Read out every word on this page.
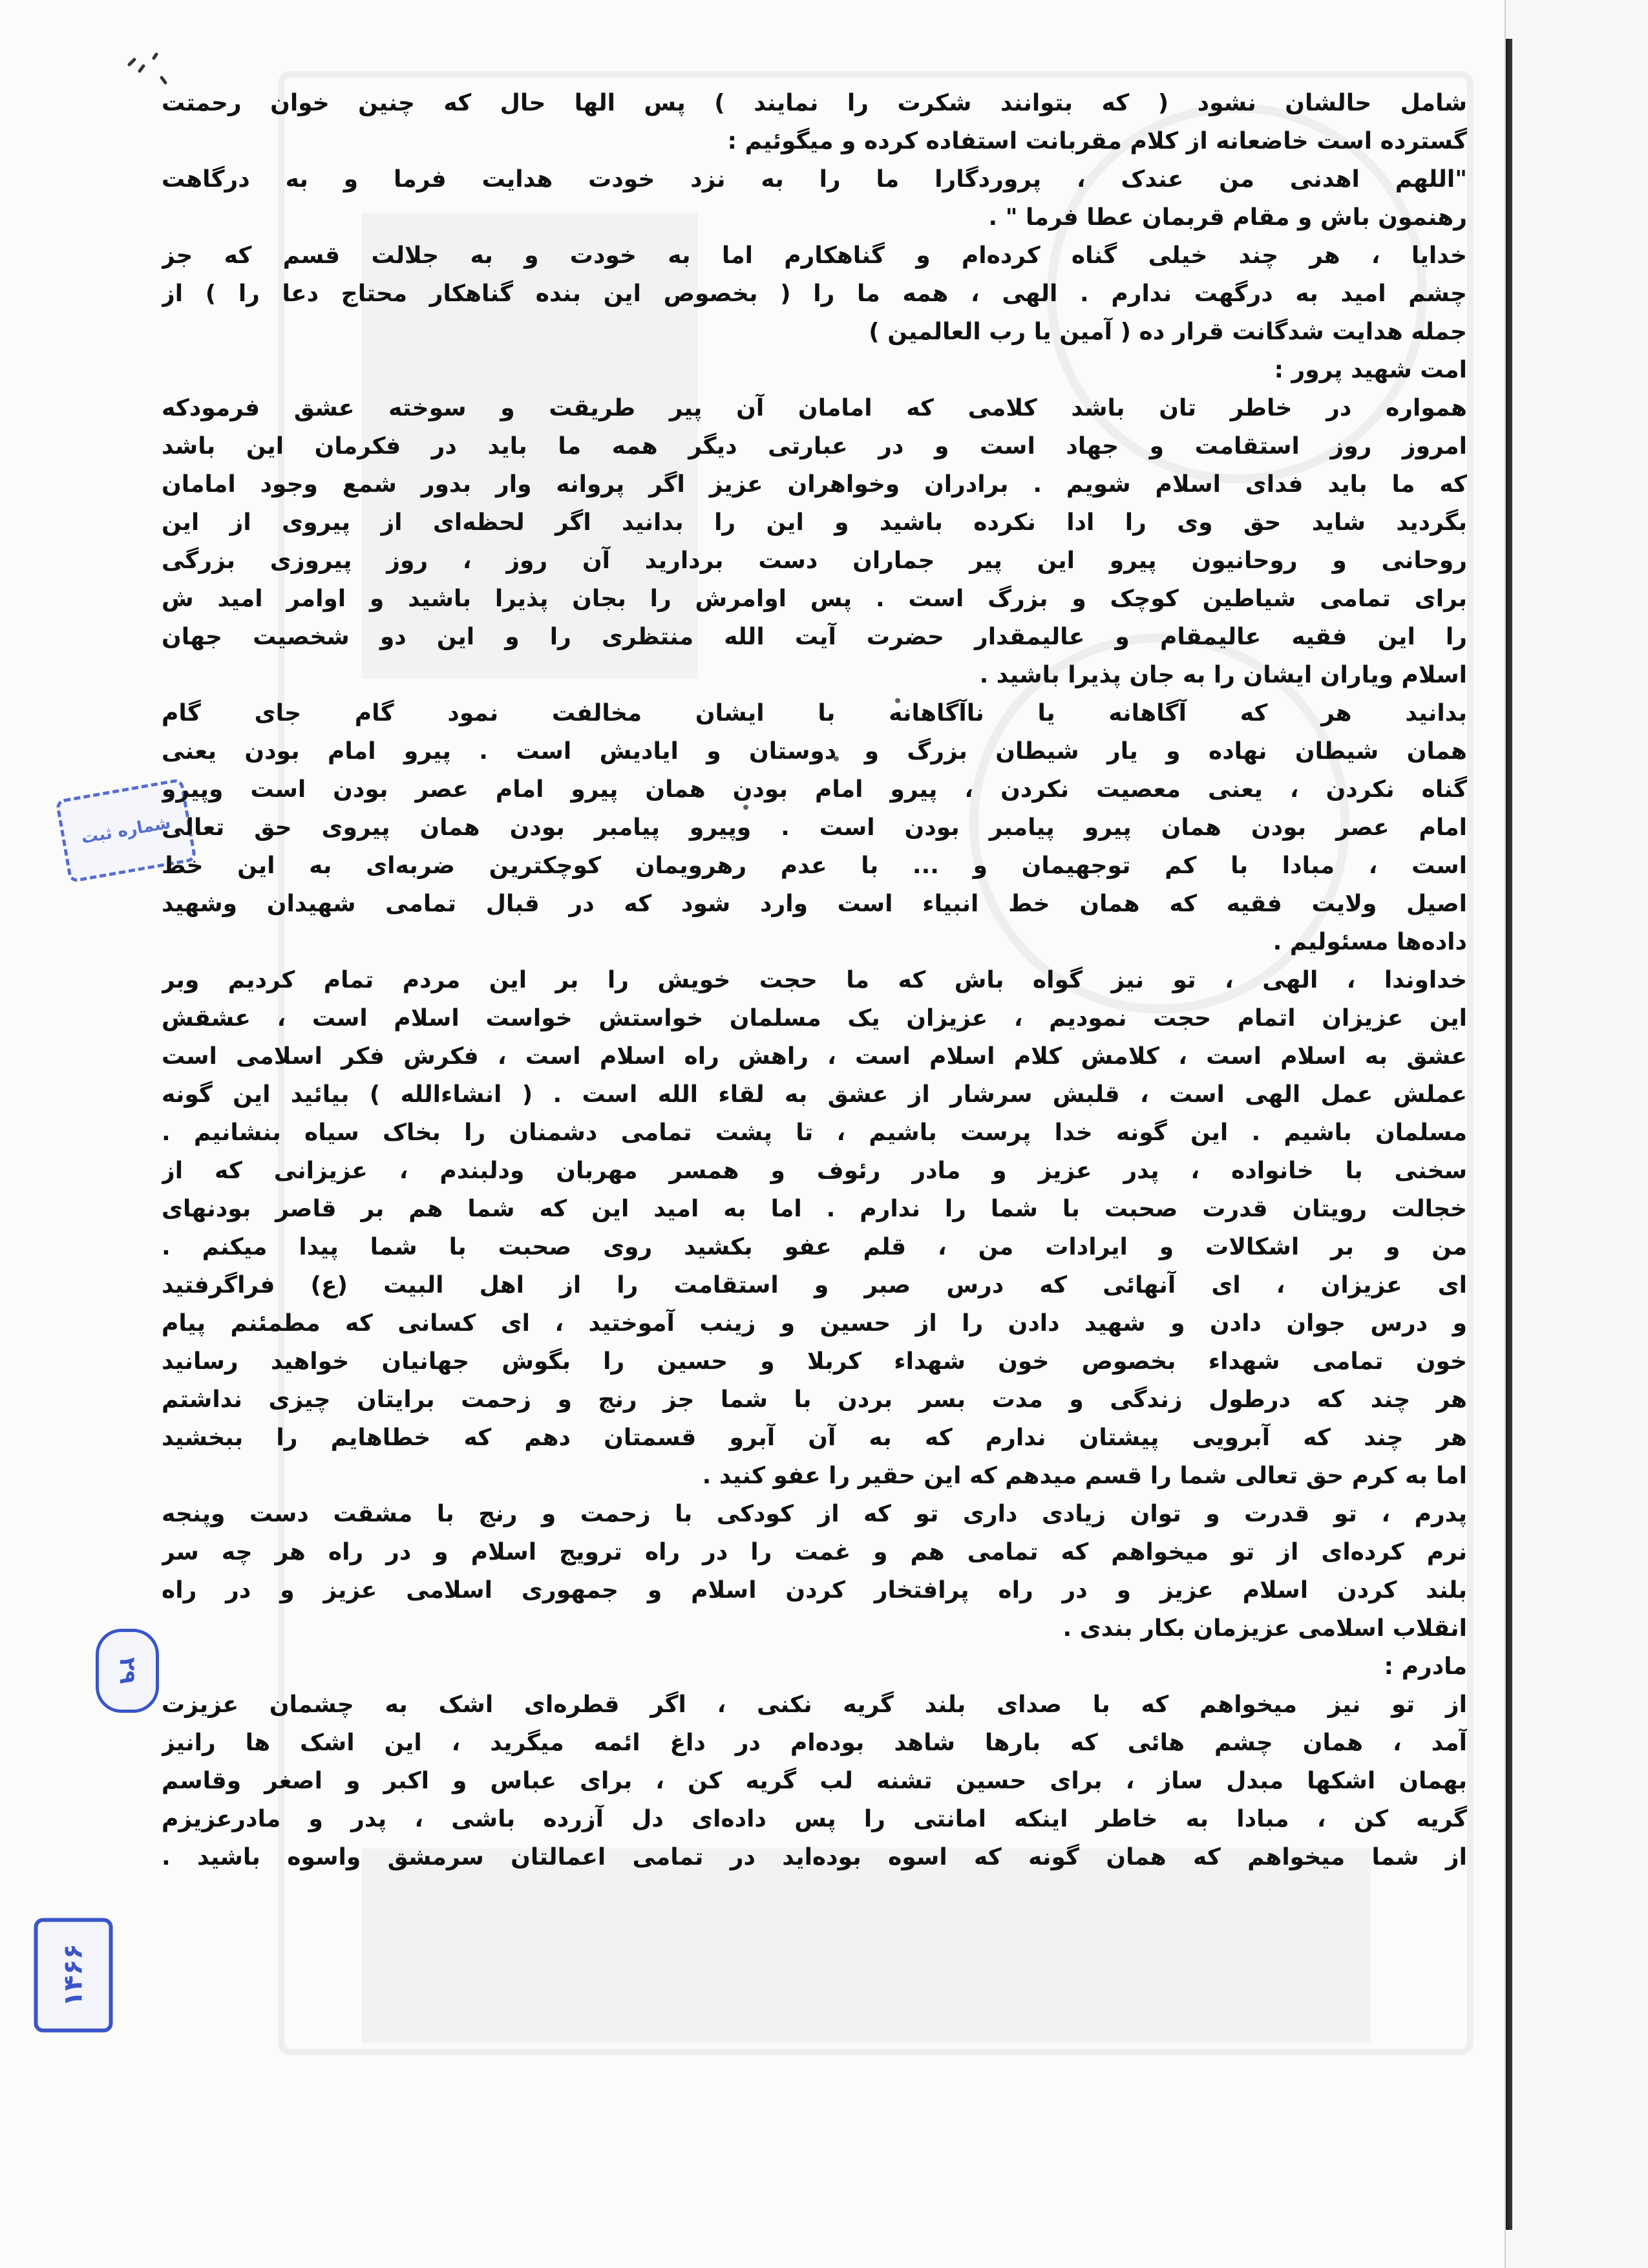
شماره ثبت
۲۹
۱۴۶۶
شامل حالشان نشود ( که بتوانند شکرت را نمایند ) پس الها حال که چنین خوان رحمتت
گسترده است خاضعانه از کلام مقربانت استفاده کرده و میگوئیم :
"اللهم اهدنی من عندک ، پروردگارا ما را به نزد خودت هدایت فرما و به درگاهت
رهنمون باش و مقام قربمان عطا فرما " .
خدایا ، هر چند خیلی گناه کرده‌ام و گناهکارم اما به خودت و به جلالت قسم که جز
چشم امید به درگهت ندارم . الهی ، همه ما را ( بخصوص این بنده گناهکار محتاج دعا را ) از
جمله هدایت شدگانت قرار ده ( آمین یا رب العالمین )
امت شهید پرور :
همواره در خاطر تان باشد کلامی که امامان آن پیر طریقت و سوخته عشق فرمودکه
امروز روز استقامت و جهاد است و در عبارتی دیگر همه ما باید در فکرمان این باشد
که ما باید فدای اسلام شویم . برادران وخواهران عزیز اگر پروانه وار بدور شمع وجود امامان
بگردید شاید حق وی را ادا نکرده باشید و این را بدانید اگر لحظه‌ای از پیروی از این
روحانی و روحانیون پیرو این پیر جماران دست بردارید آن روز ، روز پیروزی بزرگی
برای تمامی شیاطین کوچک و بزرگ است . پس اوامرش را بجان پذیرا باشید و اوامر امید ش
را این فقیه عالیمقام و عالیمقدار حضرت آیت الله منتظری را و این دو شخصیت جهان
اسلام ویاران ایشان را به جان پذیرا باشید .
بدانید هر که آگاهانه یا ناآگاهانه با ایشان مخالفت نمود گام جای گام
همان شیطان نهاده و یار شیطان بزرگ و دوستان و ایادیش است . پیرو امام بودن یعنی
گناه نکردن ، یعنی معصیت نکردن ، پیرو امام بودن همان پیرو امام عصر بودن است وپیرو
امام عصر بودن همان پیرو پیامبر بودن است . وپیرو پیامبر بودن همان پیروی حق تعالی
است ، مبادا با کم توجهیمان و ... با عدم رهرویمان کوچکترین ضربه‌ای به این خط
اصیل ولایت فقیه که همان خط انبیاء است وارد شود که در قبال تمامی شهیدان وشهید
داده‌ها مسئولیم .
خداوندا ، الهی ، تو نیز گواه باش که ما حجت خویش را بر این مردم تمام کردیم وبر
این عزیزان اتمام حجت نمودیم ، عزیزان یک مسلمان خواستش خواست اسلام است ، عشقش
عشق به اسلام است ، کلامش کلام اسلام است ، راهش راه اسلام است ، فکرش فکر اسلامی است
عملش عمل الهی است ، قلبش سرشار از عشق به لقاء الله است . ( انشاءالله ) بیائید این گونه
مسلمان باشیم . این گونه خدا پرست باشیم ، تا پشت تمامی دشمنان را بخاک سیاه بنشانیم .
سخنی با خانواده ، پدر عزیز و مادر رئوف و همسر مهربان ودلبندم ، عزیزانی که از
خجالت رویتان قدرت صحبت با شما را ندارم . اما به امید این که شما هم بر قاصر بودنهای
من و بر اشکالات و ایرادات من ، قلم عفو بکشید روی صحبت با شما پیدا میکنم .
ای عزیزان ، ای آنهائی که درس صبر و استقامت را از اهل البیت (ع) فراگرفتید
و درس جوان دادن و شهید دادن را از حسین و زینب آموختید ، ای کسانی که مطمئنم پیام
خون تمامی شهداء بخصوص خون شهداء کربلا و حسین را بگوش جهانیان خواهید رسانید
هر چند که درطول زندگی و مدت بسر بردن با شما جز رنج و زحمت برایتان چیزی نداشتم
هر چند که آبرویی پیشتان ندارم که به آن آبرو قسمتان دهم که خطاهایم را ببخشید
اما به کرم حق تعالی شما را قسم میدهم که این حقیر را عفو کنید .
پدرم ، تو قدرت و توان زیادی داری تو که از کودکی با زحمت و رنج با مشقت دست وپنجه
نرم کرده‌ای از تو میخواهم که تمامی هم و غمت را در راه ترویج اسلام و در راه هر چه سر
بلند کردن اسلام عزیز و در راه پرافتخار کردن اسلام و جمهوری اسلامی عزیز و در راه
انقلاب اسلامی عزیزمان بکار بندی .
مادرم :
از تو نیز میخواهم که با صدای بلند گریه نکنی ، اگر قطره‌ای اشک به چشمان عزیزت
آمد ، همان چشم هائی که بارها شاهد بوده‌ام در داغ ائمه میگرید ، این اشک ها رانیز
بهمان اشکها مبدل ساز ، برای حسین تشنه لب گریه کن ، برای عباس و اکبر و اصغر وقاسم
گریه کن ، مبادا به خاطر اینکه امانتی را پس داده‌ای دل آزرده باشی ، پدر و مادرعزیزم
از شما میخواهم که همان گونه که اسوه بوده‌اید در تمامی اعمالتان سرمشق واسوه باشید .
